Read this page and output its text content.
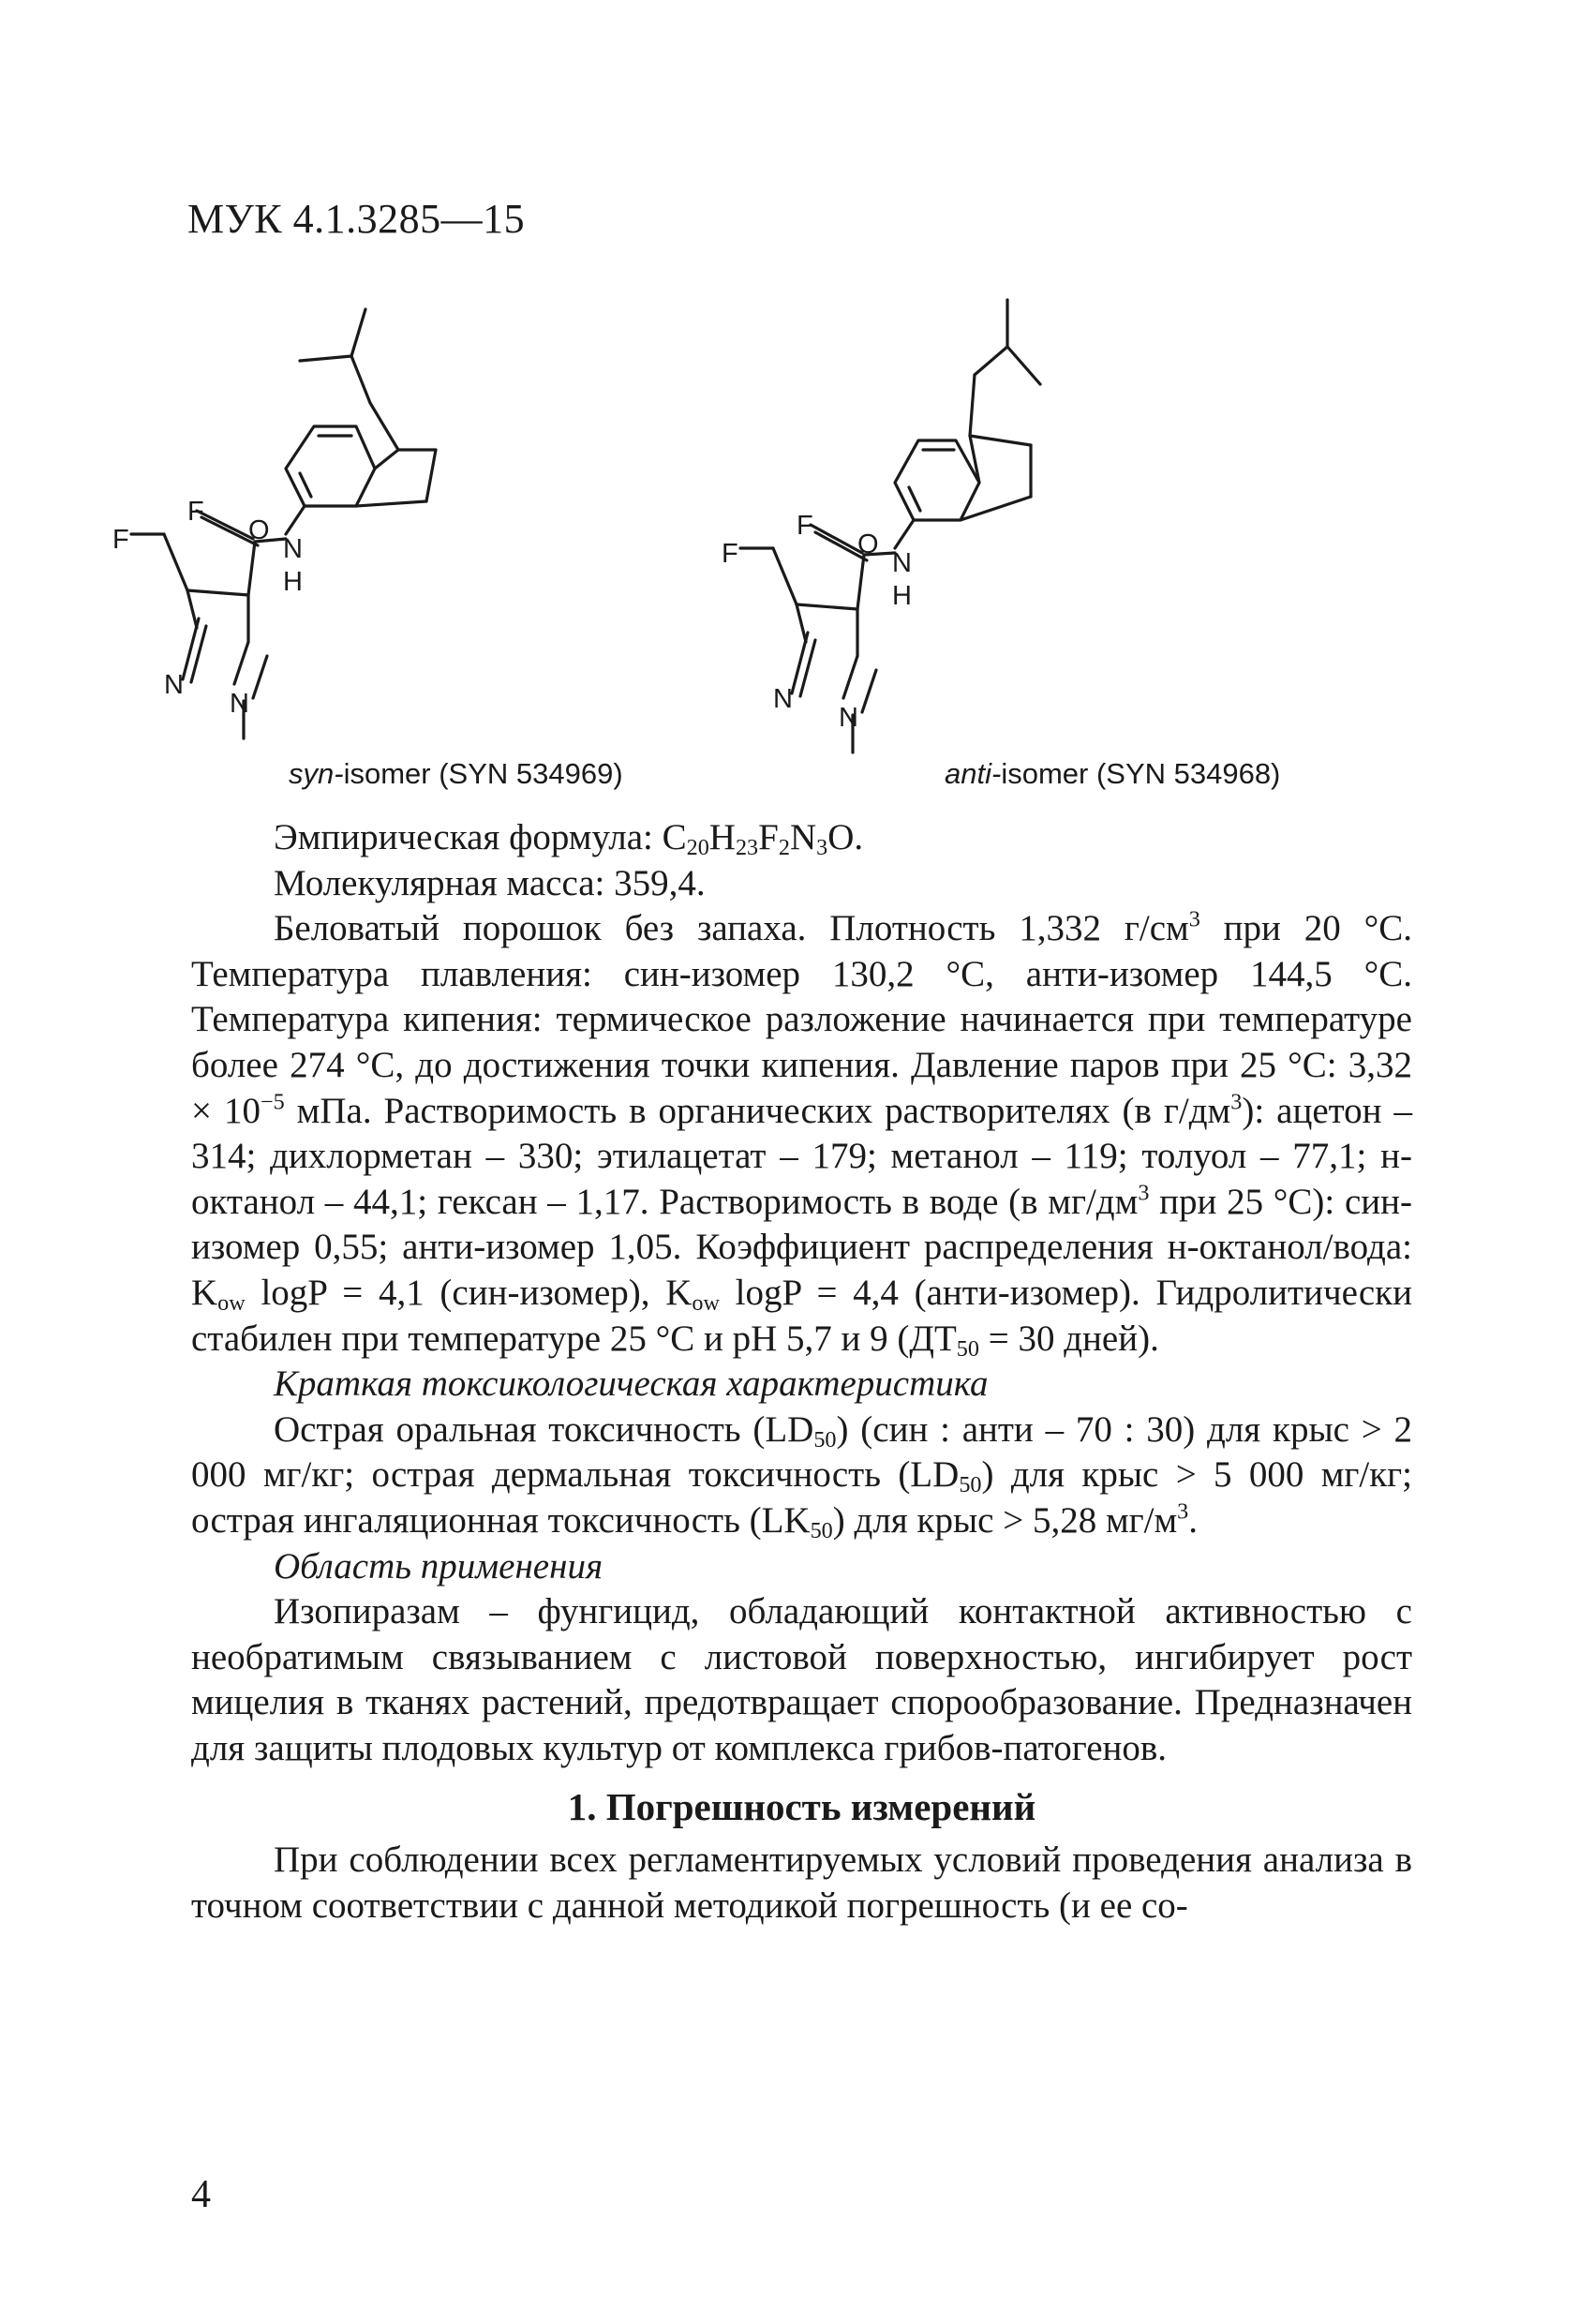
МУК 4.1.3285—15
N
H
O
F
F
N
N
N
H
O
F
F
N
N
syn-isomer (SYN 534969)	anti-isomer (SYN 534968)

Эмпирическая формула: $C_{20}H_{23}F_2N_3O$.

Молекулярная масса: 359,4.

Беловатый порошок без запаха. Плотность 1,332 $г/см^3$ при 20 °С. Температура плавления: син-изомер 130,2 °С, анти-изомер 144,5 °С. Температура кипения: термическое разложение начинается при температуре более 274 °С, до достижения точки кипения. Давление паров при 25 °С: $3,32 \times 10^{-5}$ мПа. Растворимость в органических растворителях (в $г/дм^3$): ацетон – 314; дихлорметан – 330; этилацетат – 179; метанол – 119; толуол – 77,1; н-октанол – 44,1; гексан – 1,17. Растворимость в воде (в $мг/дм^3$ при 25 °С): син-изомер 0,55; анти-изомер 1,05. Коэффициент распределения н-октанол/вода: $K_{ow}$ logP = 4,1 (син-изомер), $K_{ow}$ logP = 4,4 (анти-изомер). Гидролитически стабилен при температуре 25 °С и pH 5,7 и 9 ($ДТ_{50} = 30$ дней).

Краткая токсикологическая характеристика

Острая оральная токсичность $(LD_{50})$ (син : анти – 70 : 30) для крыс > 2 000 мг/кг; острая дермальная токсичность $(LD_{50})$ для крыс > 5 000 мг/кг; острая ингаляционная токсичность $(LK_{50})$ для крыс > 5,28 $мг/м^3$.

Область применения

Изопиразам – фунгицид, обладающий контактной активностью с необратимым связыванием с листовой поверхностью, ингибирует рост мицелия в тканях растений, предотвращает спорообразование. Предназначен для защиты плодовых культур от комплекса грибов-патогенов.

1. Погрешность измерений

При соблюдении всех регламентируемых условий проведения анализа в точном соответствии с данной методикой погрешность (и ее со-

4
